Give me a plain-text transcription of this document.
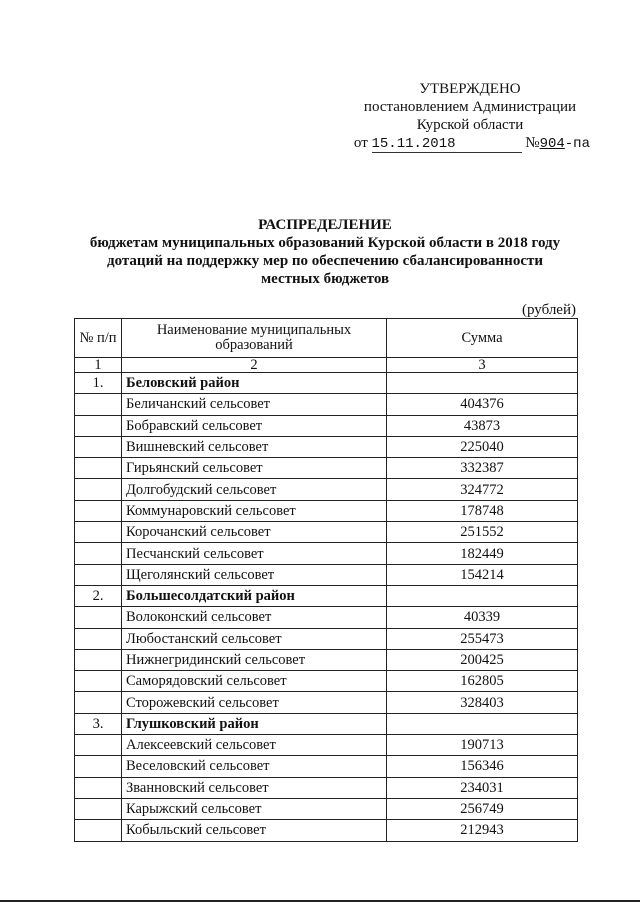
УТВЕРЖДЕНО
постановлением Администрации
Курской области
от 15.11.2018	№904-па
РАСПРЕДЕЛЕНИЕ
бюджетам муниципальных образований Курской области в 2018 году
дотаций на поддержку мер по обеспечению сбалансированности
местных бюджетов
(рублей)
№ п/п	Наименование муниципальных образований	Сумма
1	2	3
1.	Беловский район	
	Беличанский сельсовет	404376
	Бобравский сельсовет	43873
	Вишневский сельсовет	225040
	Гирьянский сельсовет	332387
	Долгобудский сельсовет	324772
	Коммунаровский сельсовет	178748
	Корочанский сельсовет	251552
	Песчанский сельсовет	182449
	Щеголянский сельсовет	154214
2.	Большесолдатский район	
	Волоконский сельсовет	40339
	Любостанский сельсовет	255473
	Нижнегридинский сельсовет	200425
	Саморядовский сельсовет	162805
	Сторожевский сельсовет	328403
3.	Глушковский район	
	Алексеевский сельсовет	190713
	Веселовский сельсовет	156346
	Званновский сельсовет	234031
	Карыжский сельсовет	256749
	Кобыльский сельсовет	212943
